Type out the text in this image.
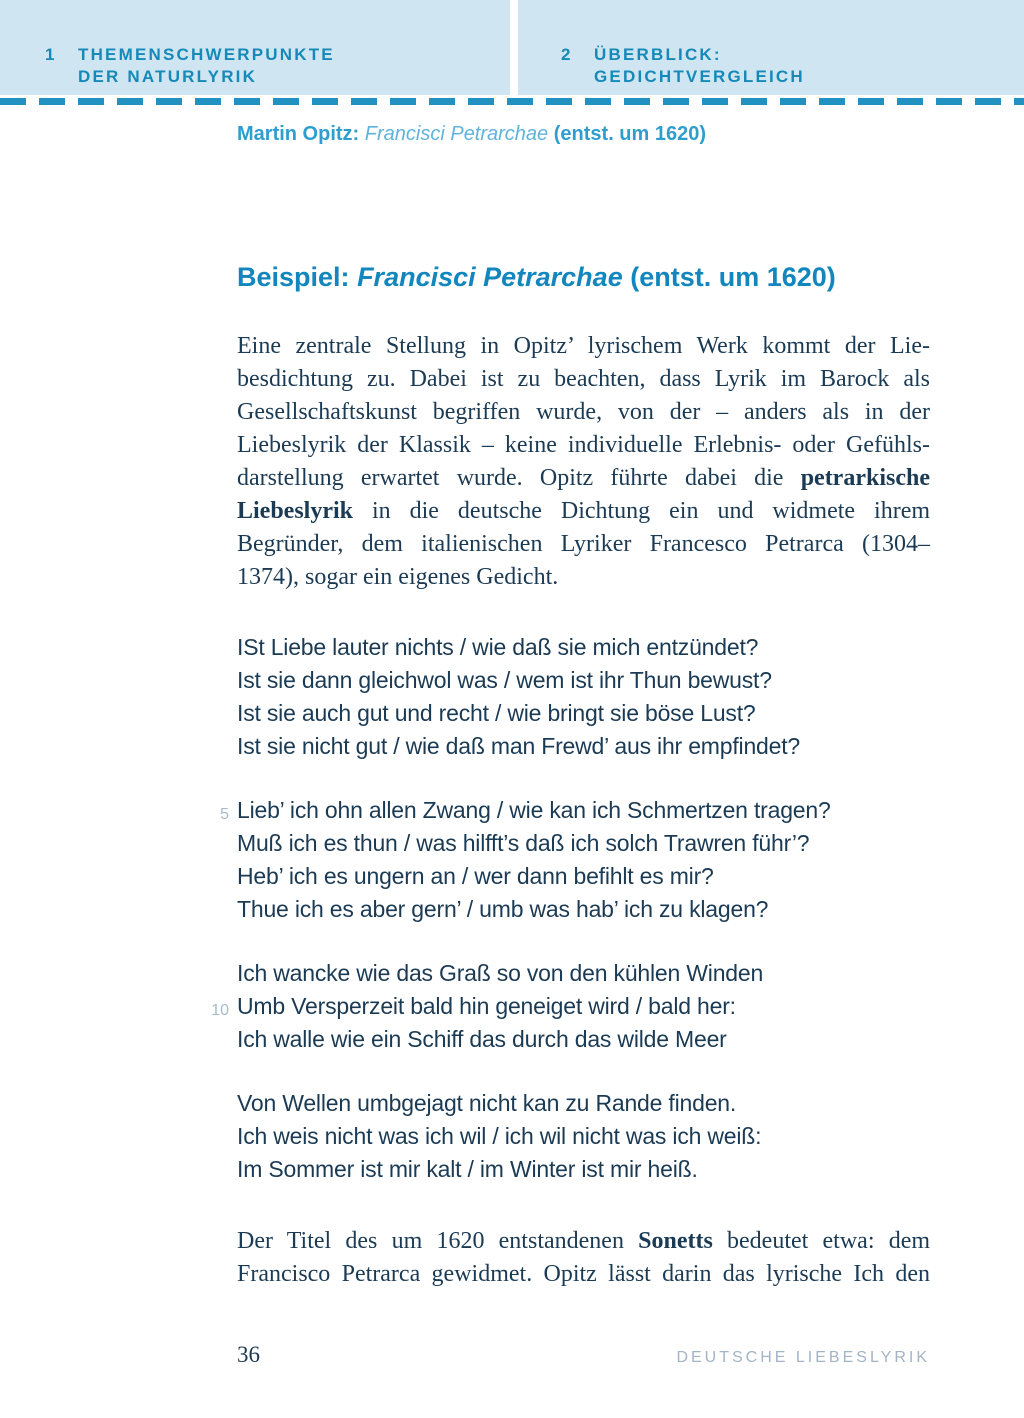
1	THEMENSCHWERPUNKTE
DER NATURLYRIK
2	ÜBERBLICK:
GEDICHTVERGLEICH

Martin Opitz: Francisci Petrarchae (entst. um 1620)

Beispiel: Francisci Petrarchae (entst. um 1620)
Eine zentrale Stellung in Opitz’ lyrischem Werk kommt der Lie-
besdichtung zu. Dabei ist zu beachten, dass Lyrik im Barock als
Gesellschaftskunst begriffen wurde, von der – anders als in der
Liebeslyrik der Klassik – keine individuelle Erlebnis- oder Gefühls-
darstellung erwartet wurde. Opitz führte dabei die petrarkische
Liebeslyrik in die deutsche Dichtung ein und widmete ihrem
Begründer, dem italienischen Lyriker Francesco Petrarca (1304–
1374), sogar ein eigenes Gedicht.
ISt Liebe lauter nichts / wie daß sie mich entzündet?
Ist sie dann gleichwol was / wem ist ihr Thun bewust?
Ist sie auch gut und recht / wie bringt sie böse Lust?
Ist sie nicht gut / wie daß man Frewd’ aus ihr empfindet?
5 Lieb’ ich ohn allen Zwang / wie kan ich Schmertzen tragen?
Muß ich es thun / was hilfft’s daß ich solch Trawren führ’?
Heb’ ich es ungern an / wer dann befihlt es mir?
Thue ich es aber gern’ / umb was hab’ ich zu klagen?
Ich wancke wie das Graß so von den kühlen Winden
10 Umb Versperzeit bald hin geneiget wird / bald her:
Ich walle wie ein Schiff das durch das wilde Meer
Von Wellen umbgejagt nicht kan zu Rande finden.
Ich weis nicht was ich wil / ich wil nicht was ich weiß:
Im Sommer ist mir kalt / im Winter ist mir heiß.
Der Titel des um 1620 entstandenen Sonetts bedeutet etwa: dem
Francisco Petrarca gewidmet. Opitz lässt darin das lyrische Ich den
36	DEUTSCHE LIEBESLYRIK
